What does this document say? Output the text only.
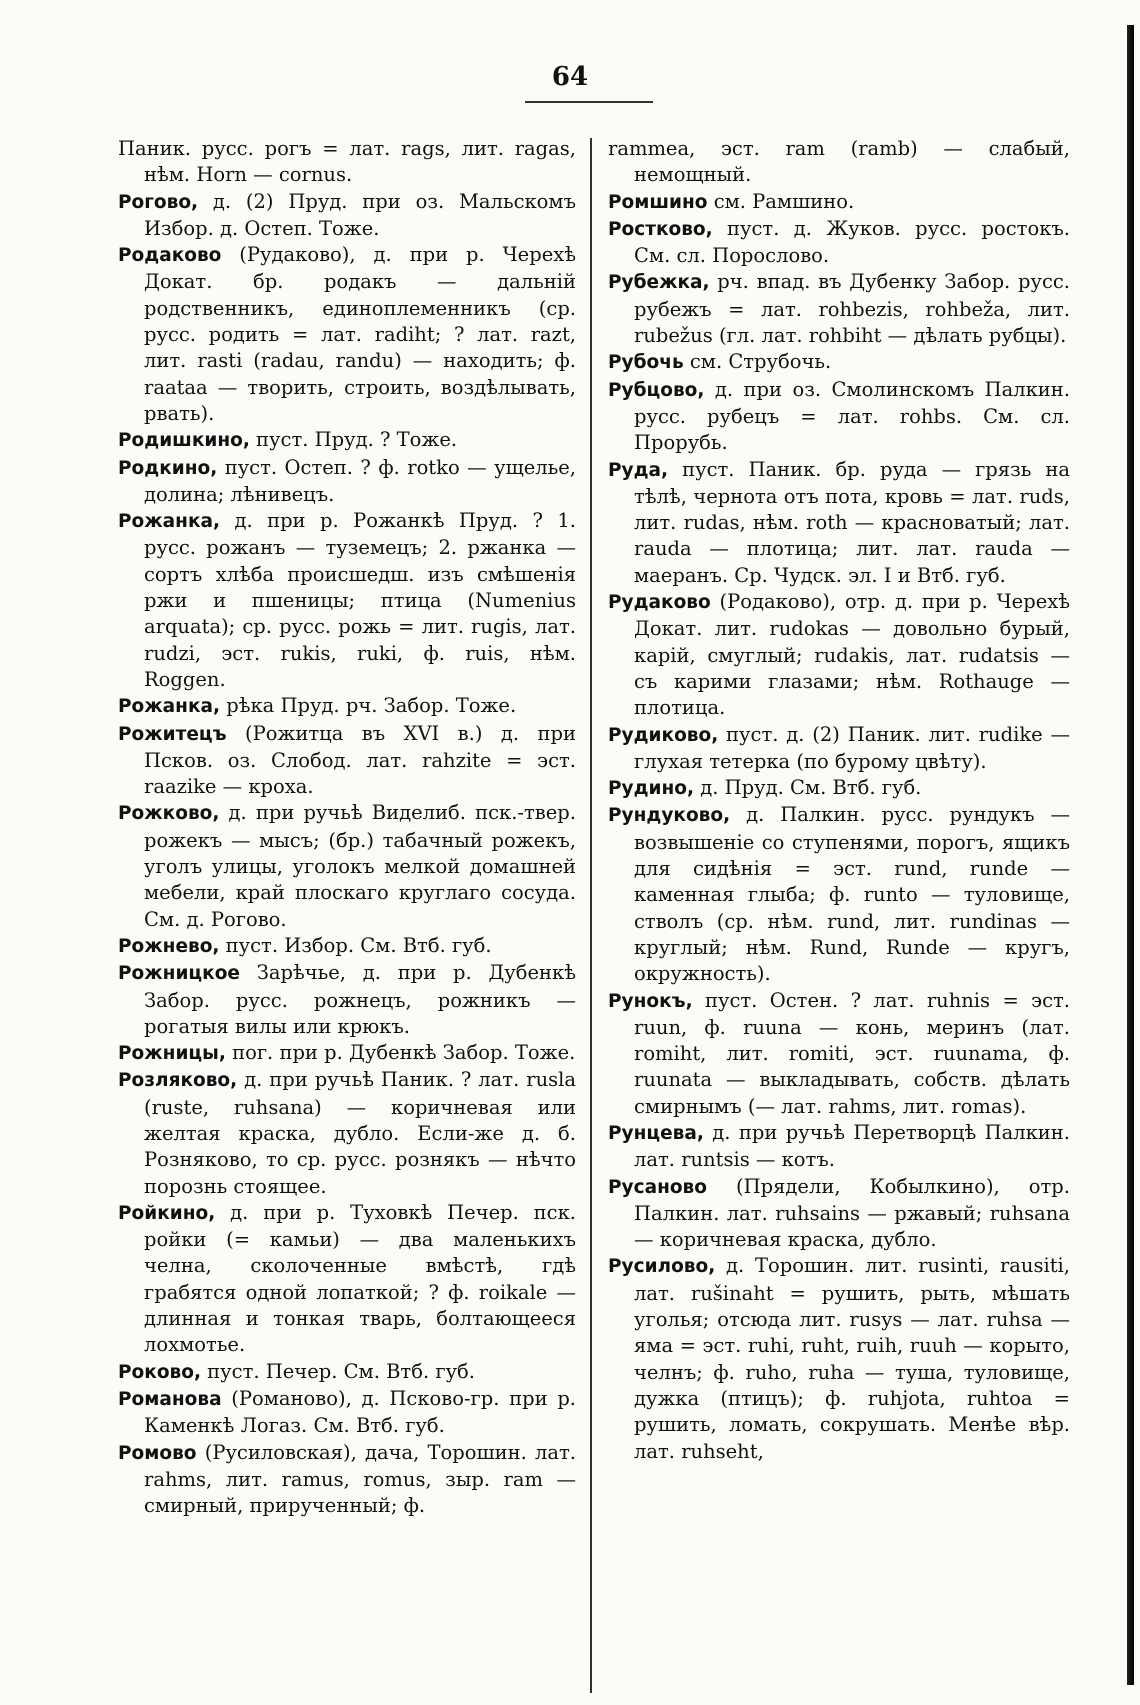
64

Паник. русс. рогъ = лат. rags, лит. ragas, нѣм. Horn — cornus.

Рогово, д. (2) Пруд. при оз. Мальскомъ Избор. д. Остеп. Тоже.

Родаково (Рудаково), д. при р. Черехѣ Докат. бр. родакъ — дальній родственникъ, единоплеменникъ (ср. русс. родить = лат. radiht; ? лат. razt, лит. rasti (radau, randu) — находить; ф. raataa — творить, строить, воздѣлывать, рвать).

Родишкино, пуст. Пруд. ? Тоже.

Родкино, пуст. Остеп. ? ф. rotko — ущелье, долина; лѣнивецъ.

Рожанка, д. при р. Рожанкѣ Пруд. ? 1. русс. рожанъ — туземецъ; 2. ржанка — сортъ хлѣба происшедш. изъ смѣшенія ржи и пшеницы; птица (Numenius arquata); ср. русс. рожь = лит. rugis, лат. rudzi, эст. rukis, ruki, ф. ruis, нѣм. Roggen.

Рожанка, рѣка Пруд. рч. Забор. Тоже.

Рожитецъ (Рожитца въ XVI в.) д. при Псков. оз. Слобод. лат. rahzite = эст. raazike — кроха.

Рожково, д. при ручьѣ Виделиб. пск.-твер. рожекъ — мысъ; (бр.) табачный рожекъ, уголъ улицы, уголокъ мелкой домашней мебели, край плоскаго круглаго сосуда. См. д. Рогово.

Рожнево, пуст. Избор. См. Втб. губ.

Рожницкое Зарѣчье, д. при р. Дубенкѣ Забор. русс. рожнецъ, рожникъ — рогатыя вилы или крюкъ.

Рожницы, пог. при р. Дубенкѣ Забор. Тоже.

Розляково, д. при ручьѣ Паник. ? лат. rusla (ruste, ruhsana) — коричневая или желтая краска, дубло. Если-же д. б. Розняково, то ср. русс. рознякъ — нѣчто порознь стоящее.

Ройкино, д. при р. Туховкѣ Печер. пск. ройки (= камьи) — два маленькихъ челна, сколоченные вмѣстѣ, гдѣ грабятся одной лопаткой; ? ф. roikale — длинная и тонкая тварь, болтающееся лохмотье.

Роково, пуст. Печер. См. Втб. губ.

Романова (Романово), д. Псково-гр. при р. Каменкѣ Логаз. См. Втб. губ.

Ромово (Русиловская), дача, Торошин. лат. rahms, лит. ramus, romus, зыр. ram — смирный, прирученный; ф.

rammea, эст. ram (ramb) — слабый, немощный.

Ромшино см. Рамшино.

Ростково, пуст. д. Жуков. русс. ростокъ. См. сл. Порослово.

Рубежка, рч. впад. въ Дубенку Забор. русс. рубежъ = лат. rohbezis, rohbeža, лит. rubežus (гл. лат. rohbiht — дѣлать рубцы).

Рубочь см. Струбочь.

Рубцово, д. при оз. Смолинскомъ Палкин. русс. рубецъ = лат. rohbs. См. сл. Прорубь.

Руда, пуст. Паник. бр. руда — грязь на тѣлѣ, чернота отъ пота, кровь = лат. ruds, лит. rudas, нѣм. roth — красноватый; лат. rauda — плотица; лит. лат. rauda — маеранъ. Ср. Чудск. эл. I и Втб. губ.

Рудаково (Родаково), отр. д. при р. Черехѣ Докат. лит. rudokas — довольно бурый, карій, смуглый; rudakis, лат. rudatsis — съ карими глазами; нѣм. Rothauge — плотица.

Рудиково, пуст. д. (2) Паник. лит. rudike — глухая тетерка (по бурому цвѣту).

Рудино, д. Пруд. См. Втб. губ.

Рундуково, д. Палкин. русс. рундукъ — возвышеніе со ступенями, порогъ, ящикъ для сидѣнія = эст. rund, runde — каменная глыба; ф. runto — туловище, стволъ (ср. нѣм. rund, лит. rundinas — круглый; нѣм. Rund, Runde — кругъ, окружность).

Рунокъ, пуст. Остен. ? лат. ruhnis = эст. ruun, ф. ruuna — конь, меринъ (лат. romiht, лит. romiti, эст. ruunama, ф. ruunata — выкладывать, собств. дѣлать смирнымъ (— лат. rahms, лит. romas).

Рунцева, д. при ручьѣ Перетворцѣ Палкин. лат. runtsis — котъ.

Русаново (Прядели, Кобылкино), отр. Палкин. лат. ruhsains — ржавый; ruhsana — коричневая краска, дубло.

Русилово, д. Торошин. лит. rusinti, rausiti, лат. rušinaht = рушить, рыть, мѣшать уголья; отсюда лит. rusys — лат. ruhsa — яма = эст. ruhi, ruht, ruih, ruuh — корыто, челнъ; ф. ruho, ruha — туша, туловище, дужка (птицъ); ф. ruhjota, ruhtoa = рушить, ломать, сокрушать. Менѣе вѣр. лат. ruhseht,
